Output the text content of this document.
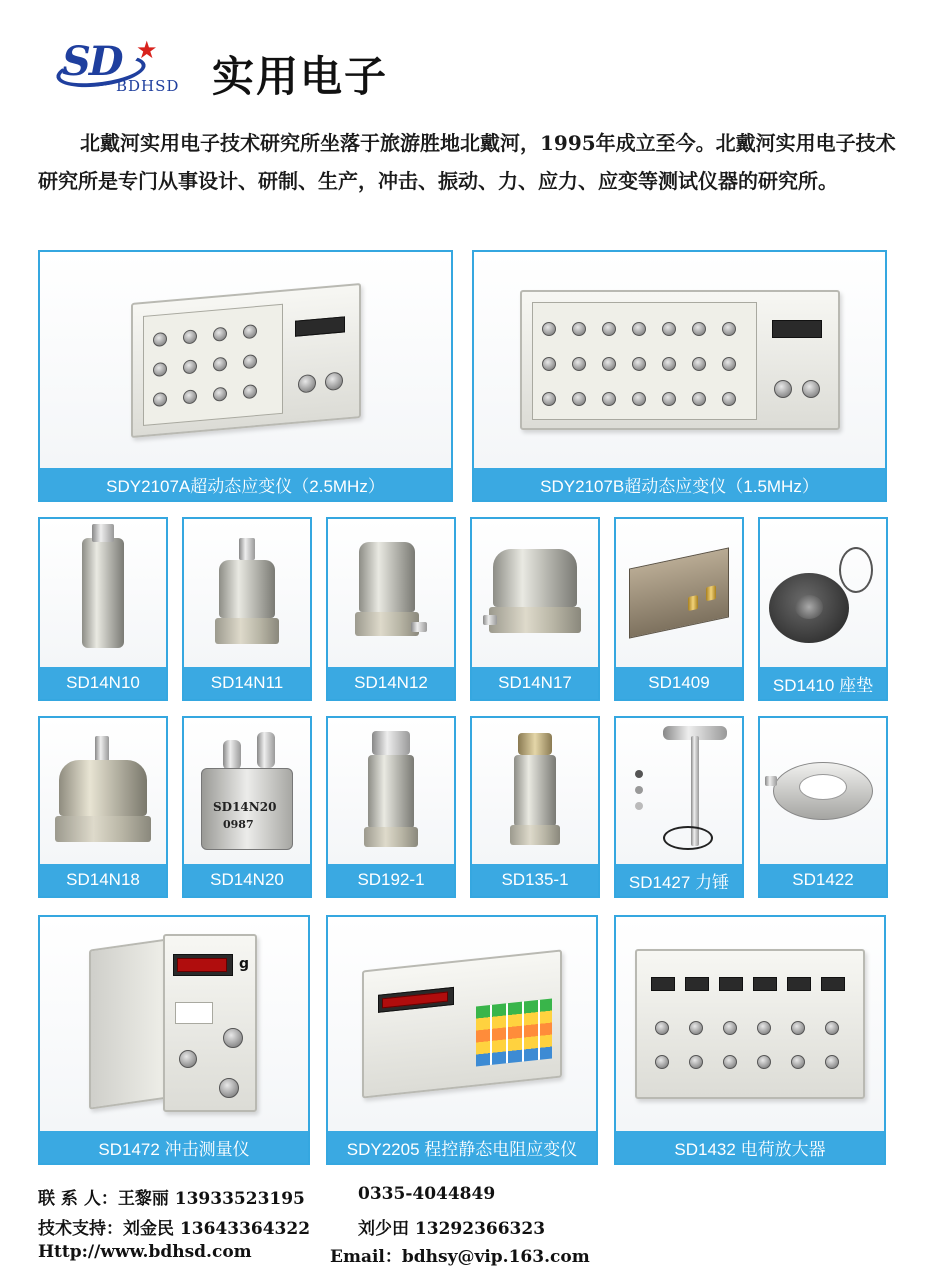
SD ★
BDHSD 实用电子

北戴河实用电子技术研究所坐落于旅游胜地北戴河，1995年成立至今。北戴河实用电子技术研究所是专门从事设计、研制、生产，冲击、振动、力、应力、应变等测试仪器的研究所。

SDY2107A超动态应变仪（2.5MHz）	SDY2107B超动态应变仪（1.5MHz）
SD14N10	SD14N11	SD14N12	SD14N17	SD1409	SD1410 座垫
SD14N18
SD14N20
0987
SD14N20	SD192-1	SD135-1	SD1427 力锤	SD1422
g
SD1472 冲击测量仪	SDY2205 程控静态电阻应变仪	SD1432 电荷放大器
联 系 人：王黎丽 13933523195	0335-4044849
技术支持：刘金民 13643364322	刘少田 13292366323
Http://www.bdhsd.com	Email：bdhsy@vip.163.com
